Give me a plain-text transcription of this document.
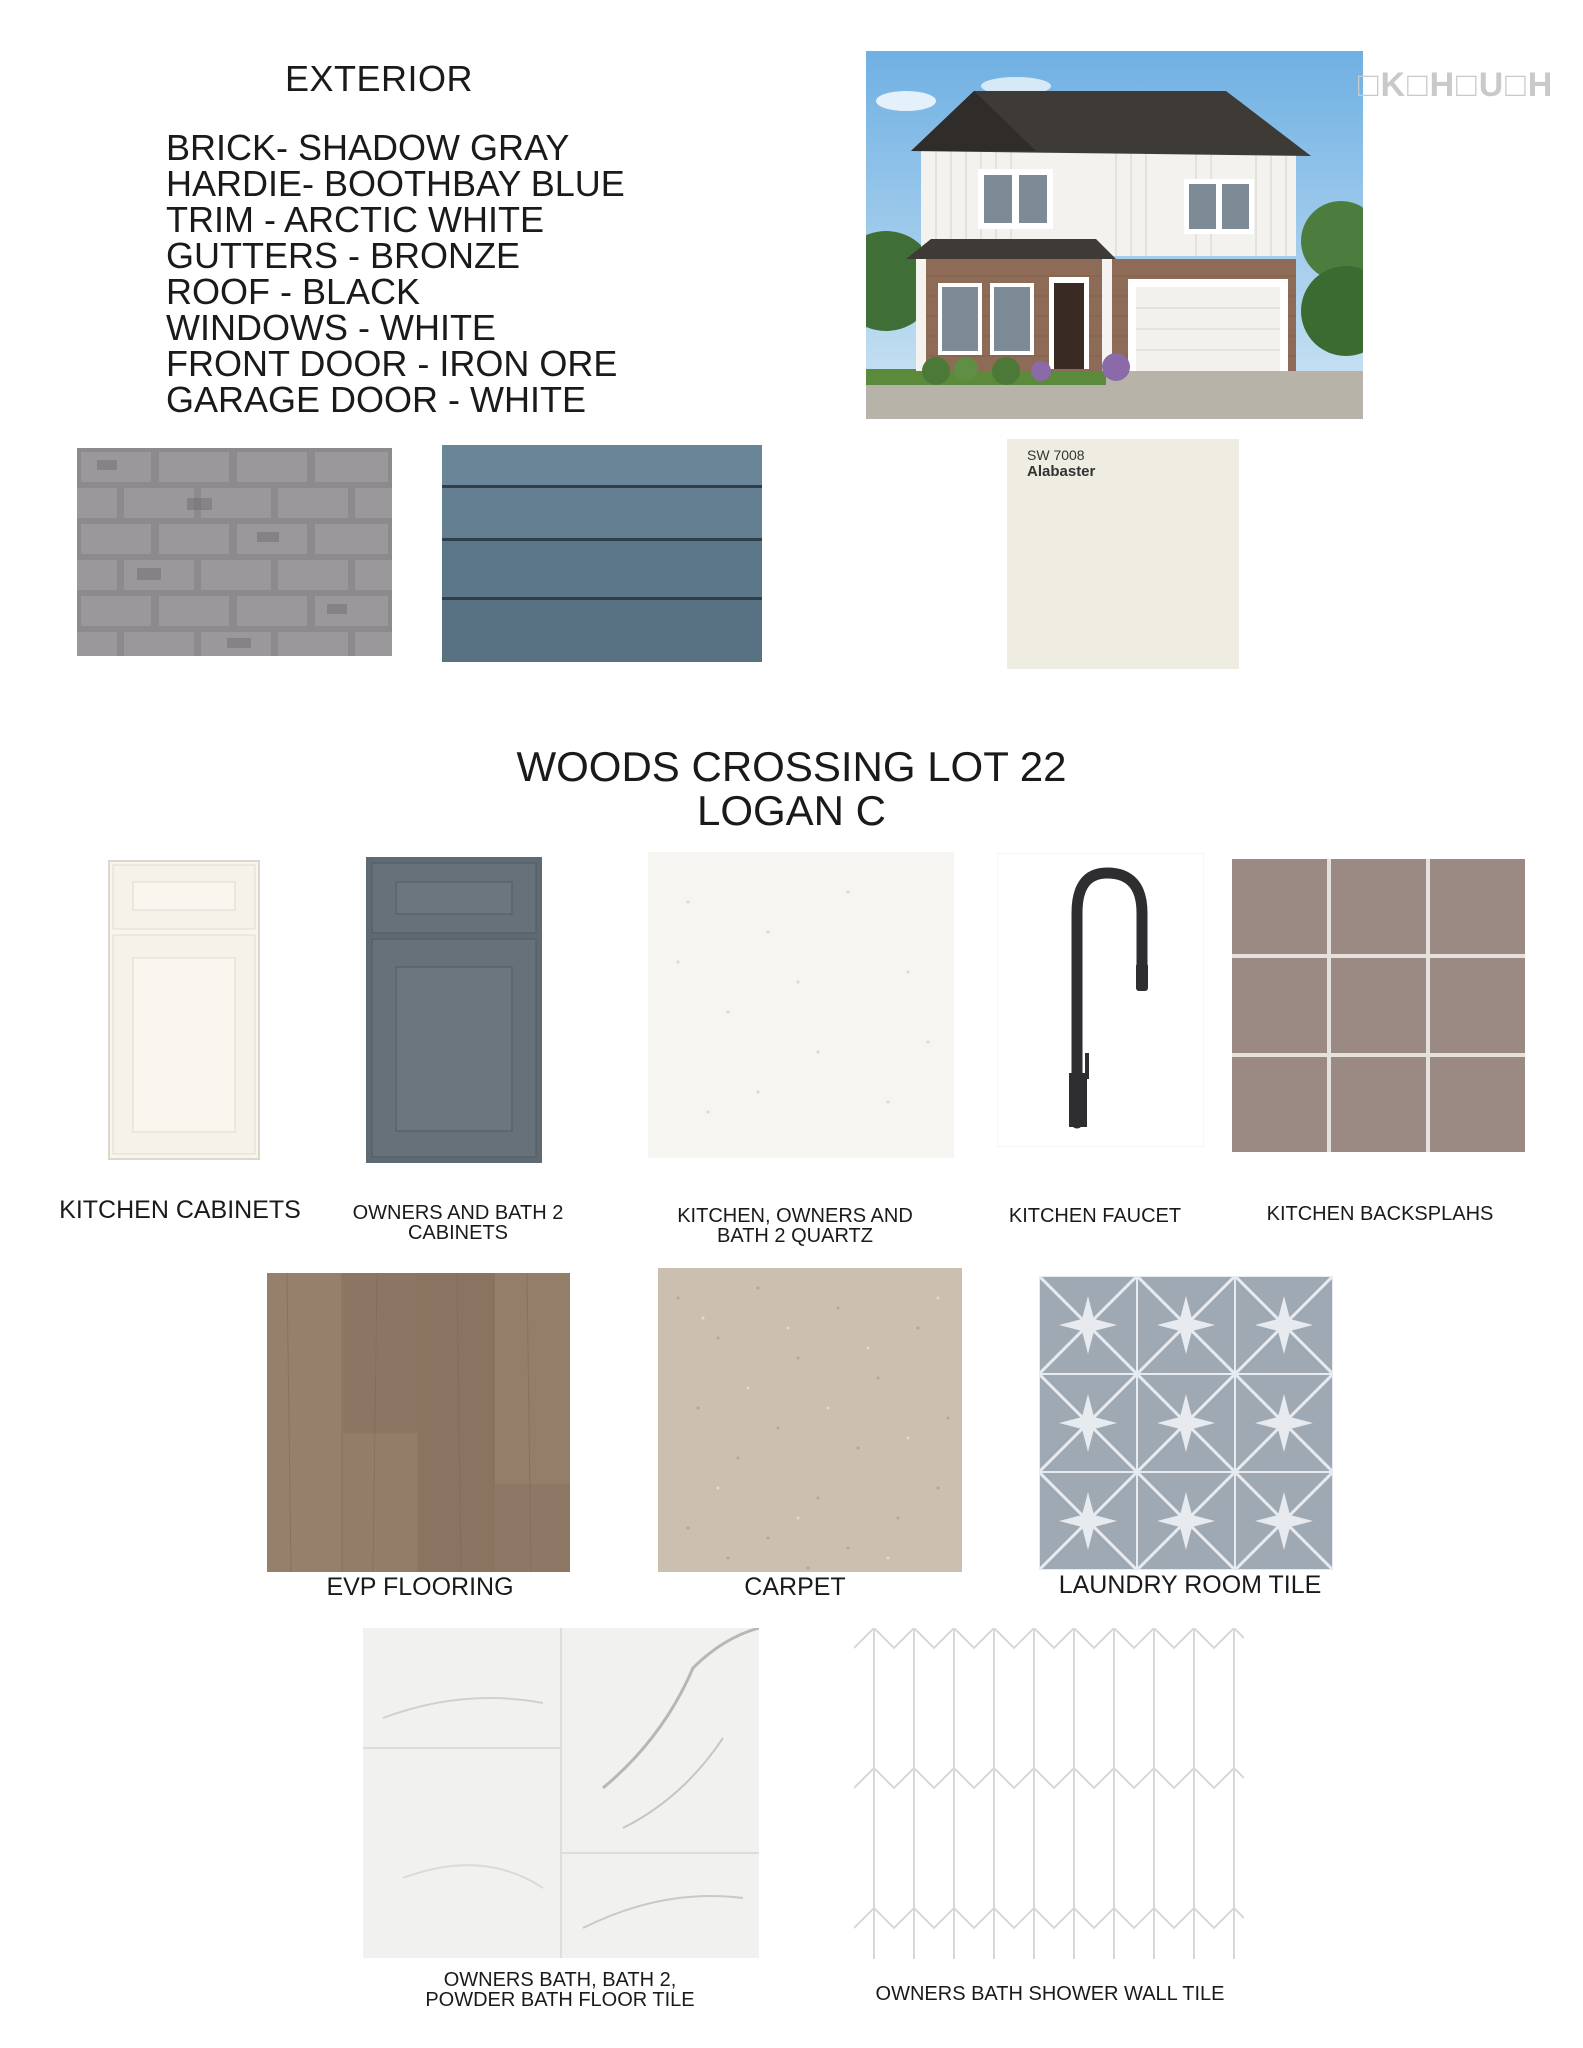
EXTERIOR
BRICK- SHADOW GRAY
HARDIE- BOOTHBAY BLUE
TRIM - ARCTIC WHITE
GUTTERS - BRONZE
ROOF - BLACK
WINDOWS - WHITE
FRONT DOOR - IRON ORE
GARAGE DOOR - WHITE
□K□H□U□H
SW 7008
Alabaster
WOODS CROSSING LOT 22
LOGAN C
KITCHEN CABINETS	OWNERS AND BATH 2
CABINETS
KITCHEN, OWNERS AND
BATH 2 QUARTZ
KITCHEN FAUCET	KITCHEN BACKSPLAHS
EVP FLOORING	CARPET	LAUNDRY ROOM TILE
OWNERS BATH, BATH 2,
POWDER BATH FLOOR TILE	OWNERS BATH SHOWER WALL TILE
